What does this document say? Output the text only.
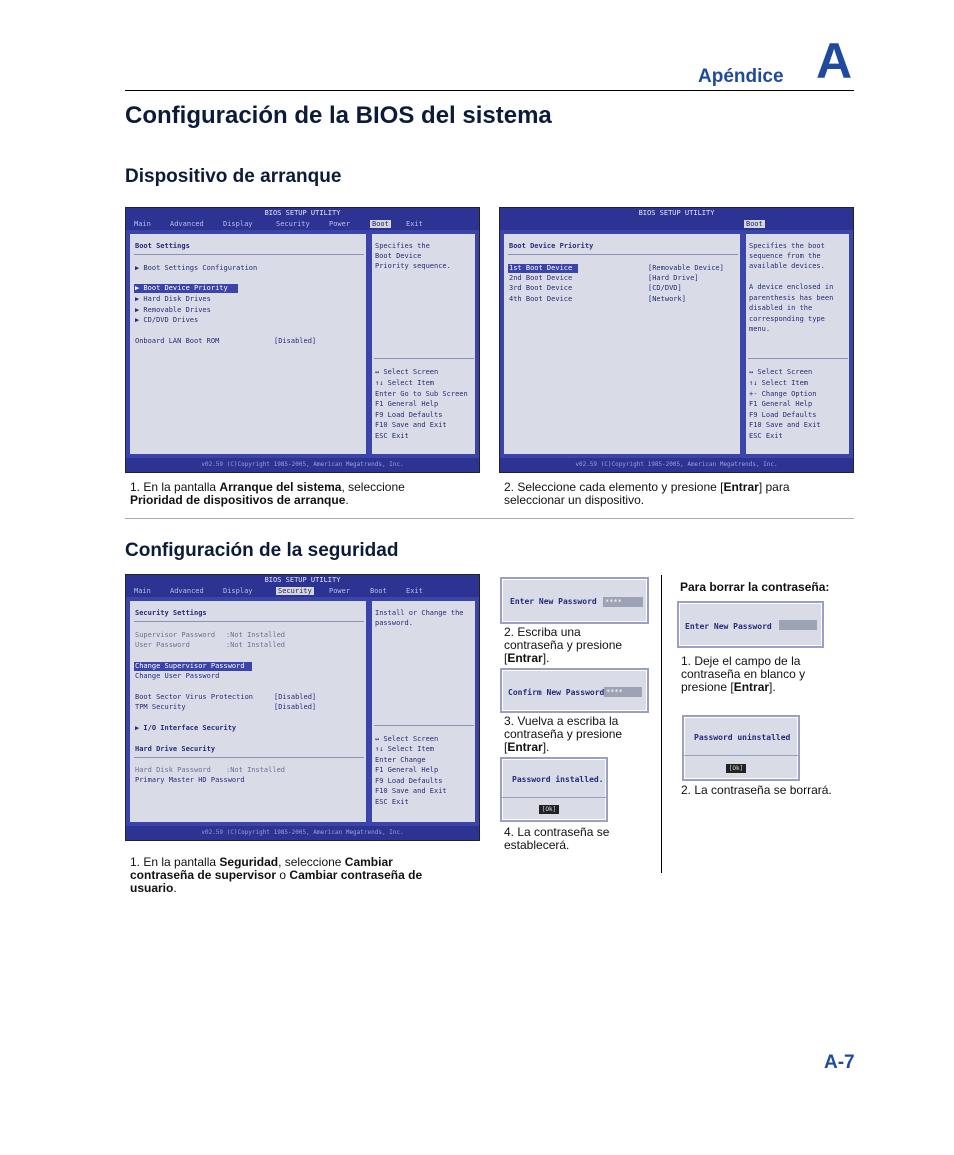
Apéndice A
Configuración de la BIOS del sistema
Dispositivo de arranque
BIOS SETUP UTILITY
Main	Advanced	Display	Security	Power	Boot Exit
Boot Settings
▶ Boot Settings Configuration
▶ Boot Device Priority
▶ Hard Disk Drives
▶ Removable Drives
▶ CD/DVD Drives
Onboard LAN Boot ROM	[Disabled]
Specifies the
Boot Device
Priority sequence.
↔ Select Screen
↑↓ Select Item
Enter Go to Sub Screen
F1 General Help
F9 Load Defaults
F10 Save and Exit
ESC Exit
v02.59 (C)Copyright 1985-2005, American Megatrends, Inc.
BIOS SETUP UTILITY
Boot
Boot Device Priority
1st Boot Device	[Removable Device]
2nd Boot Device	[Hard Drive]
3rd Boot Device	[CD/DVD]
4th Boot Device	[Network]
Specifies the boot
sequence from the
available devices.
A device enclosed in
parenthesis has been
disabled in the
corresponding type
menu.
↔ Select Screen
↑↓ Select Item
+- Change Option
F1 General Help
F9 Load Defaults
F10 Save and Exit
ESC Exit
v02.59 (C)Copyright 1985-2005, American Megatrends, Inc.
1. En la pantalla Arranque del sistema, seleccione
Prioridad de dispositivos de arranque.
2. Seleccione cada elemento y presione [Entrar] para
seleccionar un dispositivo.
Configuración de la seguridad
BIOS SETUP UTILITY
Main	Advanced	Display	Security Power	Boot	Exit
Security Settings
Supervisor Password :Not Installed
User Password	:Not Installed
Change Supervisor Password
Change User Password
Boot Sector Virus Protection	[Disabled]
TPM Security	[Disabled]
▶ I/O Interface Security
Hard Drive Security
Hard Disk Password :Not Installed
Primary Master HD Password
Install or Change the
password.
↔ Select Screen
↑↓ Select Item
Enter Change
F1 General Help
F9 Load Defaults
F10 Save and Exit
ESC Exit
v02.59 (C)Copyright 1985-2005, American Megatrends, Inc.
1. En la pantalla Seguridad, seleccione Cambiar
contraseña de supervisor o Cambiar contraseña de
usuario.
Enter New Password ****
2. Escriba una
contraseña y presione
[Entrar].
Confirm New Password ****
3. Vuelva a escriba la
contraseña y presione
[Entrar].
Password installed.
[Ok]
4. La contraseña se
establecerá.
Para borrar la contraseña:
Enter New Password
1. Deje el campo de la
contraseña en blanco y
presione [Entrar].
Password uninstalled
[Ok]
2. La contraseña se borrará.
A-7
